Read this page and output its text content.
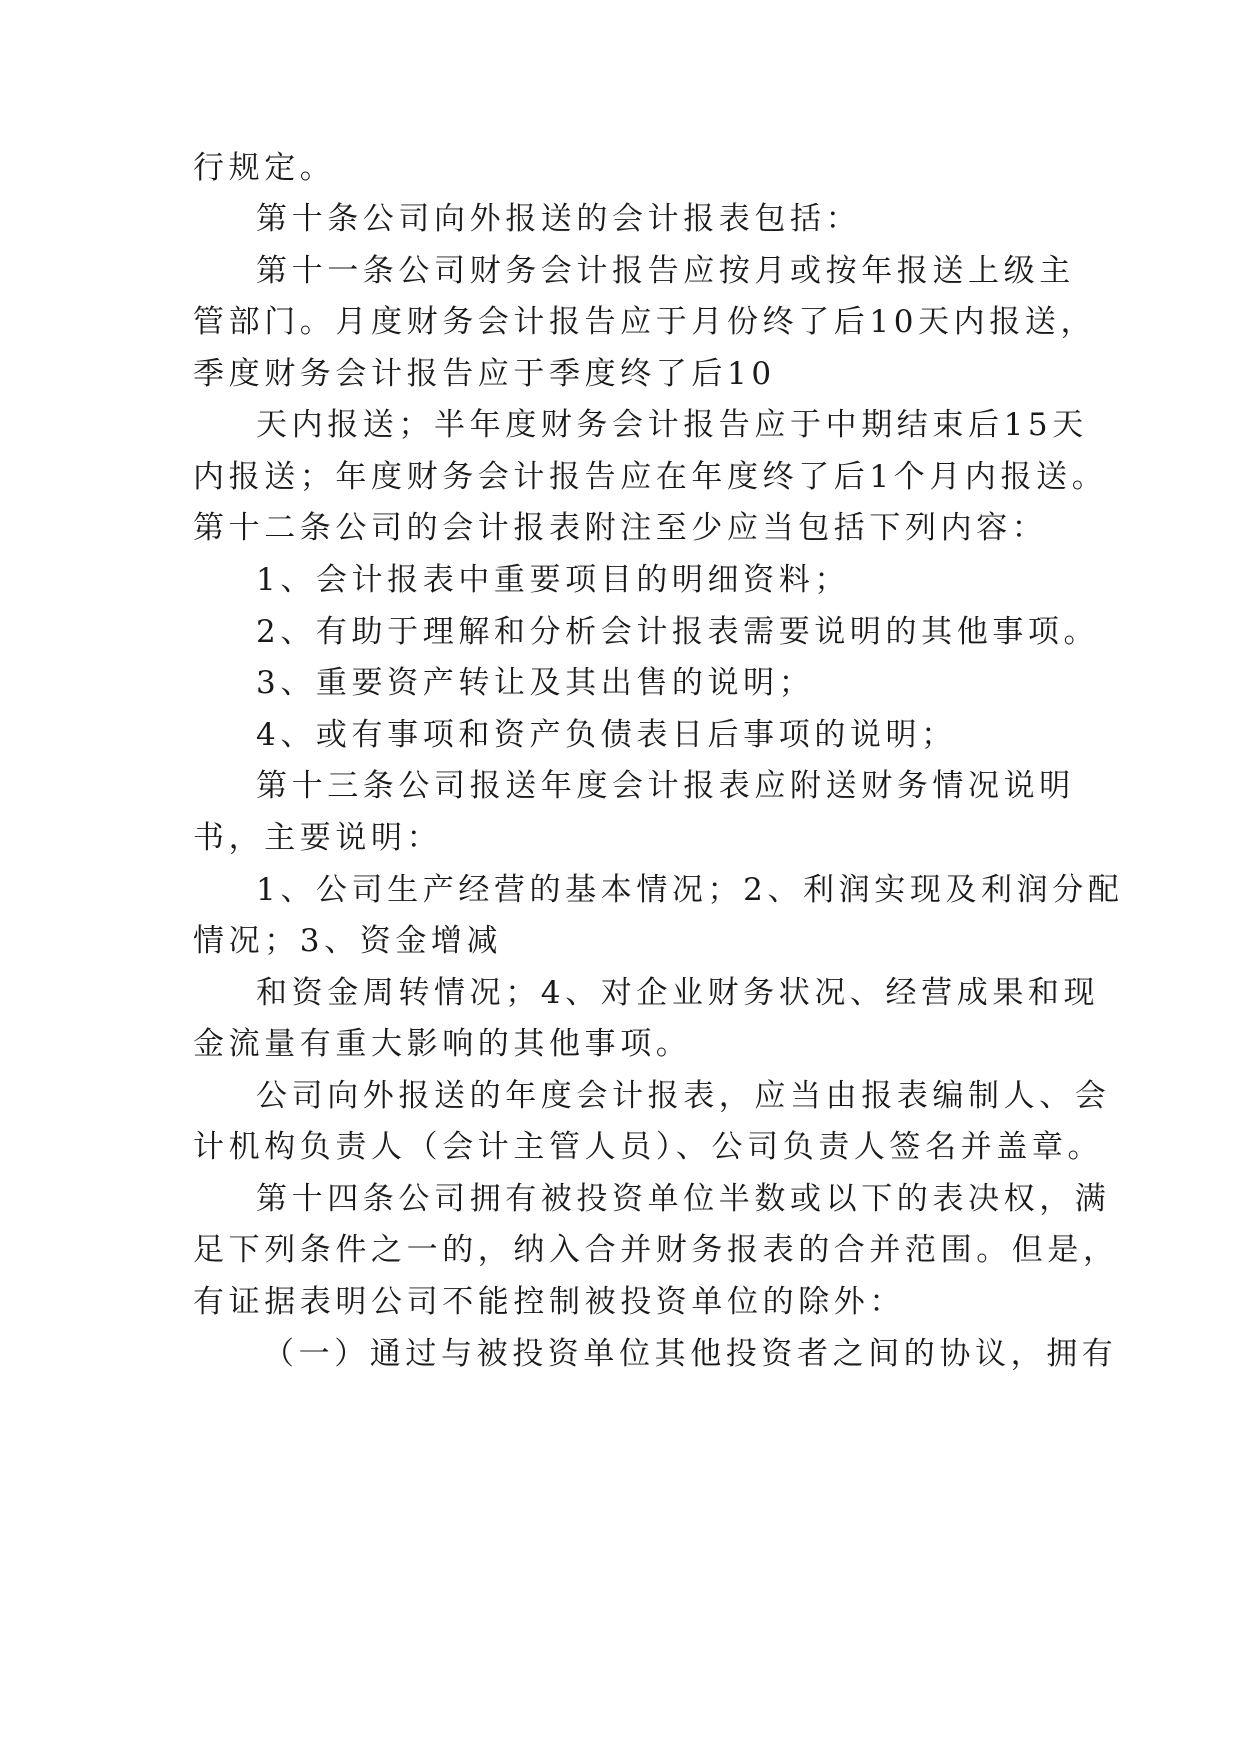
行规定。
第十条公司向外报送的会计报表包括：
第十一条公司财务会计报告应按月或按年报送上级主
管部门。月度财务会计报告应于月份终了后10天内报送，
季度财务会计报告应于季度终了后10
天内报送；半年度财务会计报告应于中期结束后15天
内报送；年度财务会计报告应在年度终了后1个月内报送。
第十二条公司的会计报表附注至少应当包括下列内容：
1、会计报表中重要项目的明细资料；
2、有助于理解和分析会计报表需要说明的其他事项。
3、重要资产转让及其出售的说明；
4、或有事项和资产负债表日后事项的说明；
第十三条公司报送年度会计报表应附送财务情况说明
书，主要说明：
1、公司生产经营的基本情况；2、利润实现及利润分配
情况；3、资金增减
和资金周转情况；4、对企业财务状况、经营成果和现
金流量有重大影响的其他事项。
公司向外报送的年度会计报表，应当由报表编制人、会
计机构负责人（会计主管人员）、公司负责人签名并盖章。
第十四条公司拥有被投资单位半数或以下的表决权，满
足下列条件之一的，纳入合并财务报表的合并范围。但是，
有证据表明公司不能控制被投资单位的除外：
（一）通过与被投资单位其他投资者之间的协议，拥有
